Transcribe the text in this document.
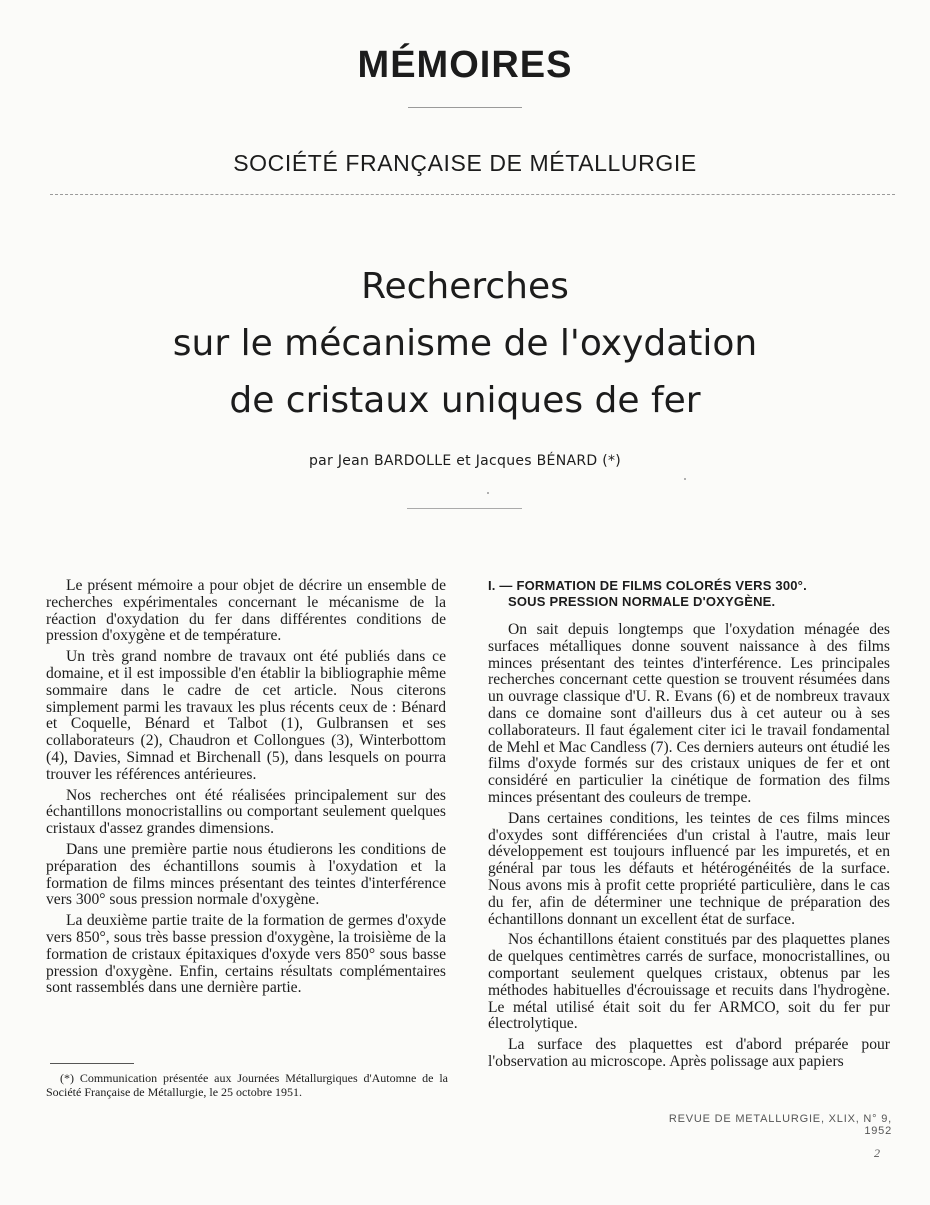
MÉMOIRES
SOCIÉTÉ FRANÇAISE DE MÉTALLURGIE
Recherches
sur le mécanisme de l'oxydation
de cristaux uniques de fer
par Jean BARDOLLE et Jacques BÉNARD (*)

Le présent mémoire a pour objet de décrire un ensemble de recherches expérimentales concernant le mécanisme de la réaction d'oxydation du fer dans différentes conditions de pression d'oxygène et de température.

Un très grand nombre de travaux ont été publiés dans ce domaine, et il est impossible d'en établir la bibliographie même sommaire dans le cadre de cet article. Nous citerons simplement parmi les travaux les plus récents ceux de : Bénard et Coquelle, Bénard et Talbot (1), Gulbransen et ses collaborateurs (2), Chaudron et Collongues (3), Winterbottom (4), Davies, Simnad et Birchenall (5), dans lesquels on pourra trouver les références antérieures.

Nos recherches ont été réalisées principalement sur des échantillons monocristallins ou comportant seulement quelques cristaux d'assez grandes dimensions.

Dans une première partie nous étudierons les conditions de préparation des échantillons soumis à l'oxydation et la formation de films minces présentant des teintes d'interférence vers 300° sous pression normale d'oxygène.

La deuxième partie traite de la formation de germes d'oxyde vers 850°, sous très basse pression d'oxygène, la troisième de la formation de cristaux épitaxiques d'oxyde vers 850° sous basse pression d'oxygène. Enfin, certains résultats complémentaires sont rassemblés dans une dernière partie.

(*) Communication présentée aux Journées Métallurgiques d'Automne de la Société Française de Métallurgie, le 25 octobre 1951.

I. — FORMATION DE FILMS COLORÉS VERS 300°.
SOUS PRESSION NORMALE D'OXYGÈNE.

On sait depuis longtemps que l'oxydation ménagée des surfaces métalliques donne souvent naissance à des films minces présentant des teintes d'interférence. Les principales recherches concernant cette question se trouvent résumées dans un ouvrage classique d'U. R. Evans (6) et de nombreux travaux dans ce domaine sont d'ailleurs dus à cet auteur ou à ses collaborateurs. Il faut également citer ici le travail fondamental de Mehl et Mac Candless (7). Ces derniers auteurs ont étudié les films d'oxyde formés sur des cristaux uniques de fer et ont considéré en particulier la cinétique de formation des films minces présentant des couleurs de trempe.

Dans certaines conditions, les teintes de ces films minces d'oxydes sont différenciées d'un cristal à l'autre, mais leur développement est toujours influencé par les impuretés, et en général par tous les défauts et hétérogénéités de la surface. Nous avons mis à profit cette propriété particulière, dans le cas du fer, afin de déterminer une technique de préparation des échantillons donnant un excellent état de surface.

Nos échantillons étaient constitués par des plaquettes planes de quelques centimètres carrés de surface, monocristallines, ou comportant seulement quelques cristaux, obtenus par les méthodes habituelles d'écrouissage et recuits dans l'hydrogène. Le métal utilisé était soit du fer ARMCO, soit du fer pur électrolytique.

La surface des plaquettes est d'abord préparée pour l'observation au microscope. Après polissage aux papiers

REVUE DE METALLURGIE, XLIX, N° 9, 1952
2
